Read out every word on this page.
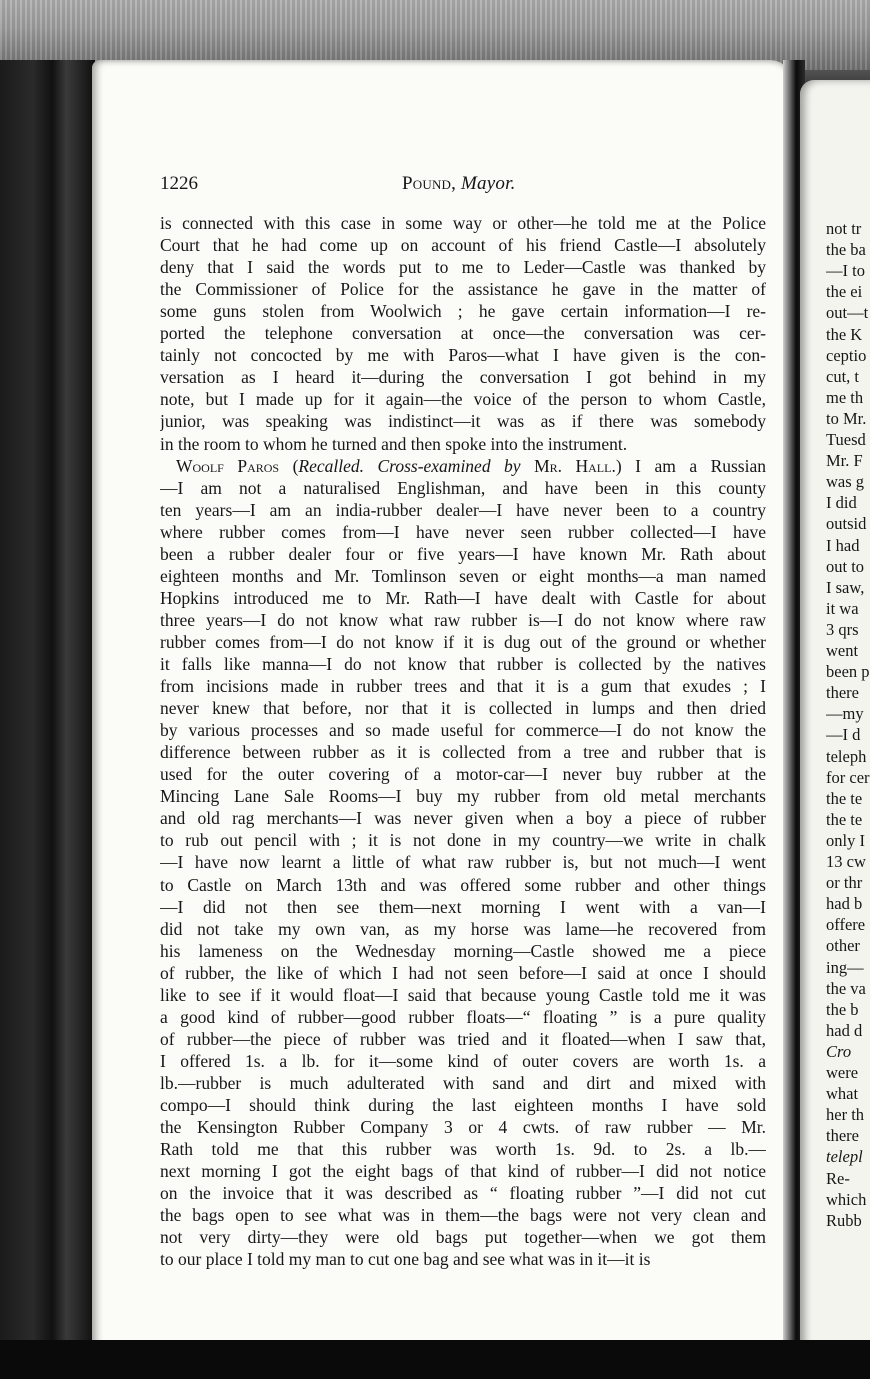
1226	Pound, Mayor.
is connected with this case in some way or other—he told me at the Police
Court that he had come up on account of his friend Castle—I absolutely
deny that I said the words put to me to Leder—Castle was thanked by
the Commissioner of Police for the assistance he gave in the matter of
some guns stolen from Woolwich ; he gave certain information—I re-
ported the telephone conversation at once—the conversation was cer-
tainly not concocted by me with Paros—what I have given is the con-
versation as I heard it—during the conversation I got behind in my
note, but I made up for it again—the voice of the person to whom Castle,
junior, was speaking was indistinct—it was as if there was somebody
in the room to whom he turned and then spoke into the instrument.
Woolf Paros (Recalled. Cross-examined by Mr. Hall.) I am a Russian
—I am not a naturalised Englishman, and have been in this county
ten years—I am an india-rubber dealer—I have never been to a country
where rubber comes from—I have never seen rubber collected—I have
been a rubber dealer four or five years—I have known Mr. Rath about
eighteen months and Mr. Tomlinson seven or eight months—a man named
Hopkins introduced me to Mr. Rath—I have dealt with Castle for about
three years—I do not know what raw rubber is—I do not know where raw
rubber comes from—I do not know if it is dug out of the ground or whether
it falls like manna—I do not know that rubber is collected by the natives
from incisions made in rubber trees and that it is a gum that exudes ; I
never knew that before, nor that it is collected in lumps and then dried
by various processes and so made useful for commerce—I do not know the
difference between rubber as it is collected from a tree and rubber that is
used for the outer covering of a motor-car—I never buy rubber at the
Mincing Lane Sale Rooms—I buy my rubber from old metal merchants
and old rag merchants—I was never given when a boy a piece of rubber
to rub out pencil with ; it is not done in my country—we write in chalk
—I have now learnt a little of what raw rubber is, but not much—I went
to Castle on March 13th and was offered some rubber and other things
—I did not then see them—next morning I went with a van—I
did not take my own van, as my horse was lame—he recovered from
his lameness on the Wednesday morning—Castle showed me a piece
of rubber, the like of which I had not seen before—I said at once I should
like to see if it would float—I said that because young Castle told me it was
a good kind of rubber—good rubber floats—“ floating ” is a pure quality
of rubber—the piece of rubber was tried and it floated—when I saw that,
I offered 1s. a lb. for it—some kind of outer covers are worth 1s. a
lb.—rubber is much adulterated with sand and dirt and mixed with
compo—I should think during the last eighteen months I have sold
the Kensington Rubber Company 3 or 4 cwts. of raw rubber — Mr.
Rath told me that this rubber was worth 1s. 9d. to 2s. a lb.—
next morning I got the eight bags of that kind of rubber—I did not notice
on the invoice that it was described as “ floating rubber ”—I did not cut
the bags open to see what was in them—the bags were not very clean and
not very dirty—they were old bags put together—when we got them
to our place I told my man to cut one bag and see what was in it—it is
not tr
the ba
—I to
the ei
out—t
the K
ceptio
cut, t
me th
to Mr.
Tuesd
Mr. F
was g
I did
outsid
I had
out to
I saw,
it wa
3 qrs
went
been p
there
—my
—I d
teleph
for cer
the te
the te
only I
13 cw
or thr
had b
offere
other
ing—
the va
the b
had d
Cro
were
what
her th
there
telepl
Re-
which
Rubb
